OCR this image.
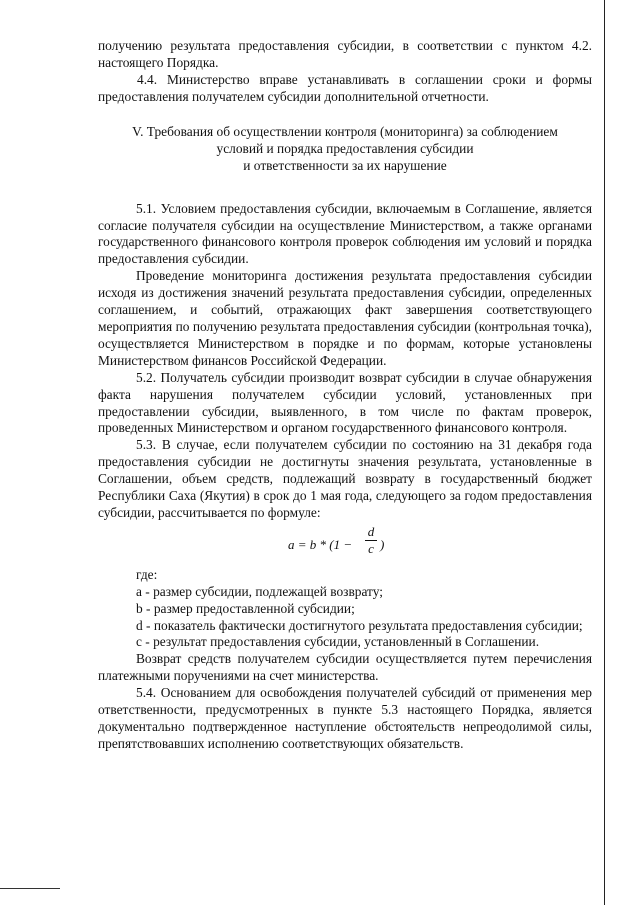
получению результата предоставления субсидии, в соответствии с пунктом 4.2. настоящего Порядка.

4.4. Министерство вправе устанавливать в соглашении сроки и формы предоставления получателем субсидии дополнительной отчетности.

V. Требования об осуществлении контроля (мониторинга) за соблюдением
условий и порядка предоставления субсидии
и ответственности за их нарушение

5.1. Условием предоставления субсидии, включаемым в Соглашение, является согласие получателя субсидии на осуществление Министерством, а также органами государственного финансового контроля проверок соблюдения им условий и порядка предоставления субсидии.

Проведение мониторинга достижения результата предоставления субсидии исходя из достижения значений результата предоставления субсидии, определенных соглашением, и событий, отражающих факт завершения соответствующего мероприятия по получению результата предоставления субсидии (контрольная точка), осуществляется Министерством в порядке и по формам, которые установлены Министерством финансов Российской Федерации.

5.2. Получатель субсидии производит возврат субсидии в случае обнаружения факта нарушения получателем субсидии условий, установленных при предоставлении субсидии, выявленного, в том числе по фактам проверок, проведенных Министерством и органом государственного финансового контроля.

5.3. В случае, если получателем субсидии по состоянию на 31 декабря года предоставления субсидии не достигнуты значения результата, установленные в Соглашении, объем средств, подлежащий возврату в государственный бюджет Республики Саха (Якутия) в срок до 1 мая года, следующего за годом предоставления субсидии, рассчитывается по формуле:

a = b * (1 −
d
c )

где:

a - размер субсидии, подлежащей возврату;

b - размер предоставленной субсидии;

d - показатель фактически достигнутого результата предоставления субсидии;

c - результат предоставления субсидии, установленный в Соглашении.

Возврат средств получателем субсидии осуществляется путем перечисления платежными поручениями на счет министерства.

5.4. Основанием для освобождения получателей субсидий от применения мер ответственности, предусмотренных в пункте 5.3 настоящего Порядка, является документально подтвержденное наступление обстоятельств непреодолимой силы, препятствовавших исполнению соответствующих обязательств.
